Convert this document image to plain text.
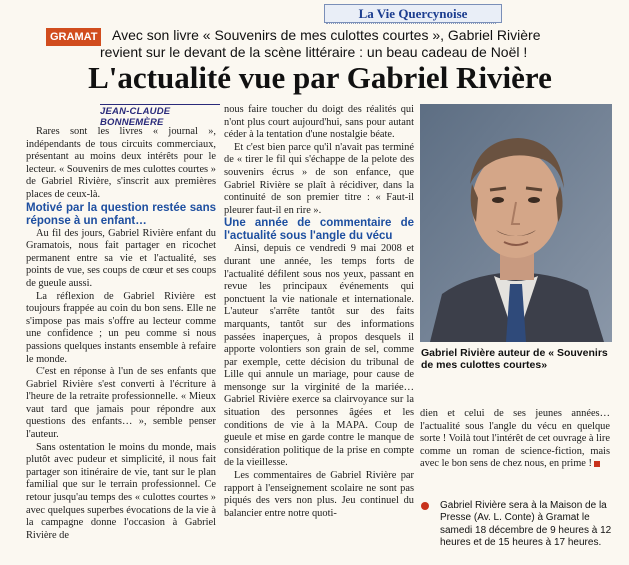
La Vie Quercynoise
GRAMAT Avec son livre « Souvenirs de mes culottes courtes », Gabriel Rivière
revient sur le devant de la scène littéraire : un beau cadeau de Noël !
L'actualité vue par Gabriel Rivière
JEAN-CLAUDE BONNEMÈRE

Rares sont les livres « journal », indépendants de tous circuits commerciaux, présentant au moins deux intérêts pour le lecteur. « Souvenirs de mes culottes courtes » de Gabriel Rivière, s'inscrit aux premières places de ceux-là.

Motivé par la question restée sans réponse à un enfant…

Au fil des jours, Gabriel Rivière enfant du Gramatois, nous fait partager en ricochet permanent entre sa vie et l'actualité, ses points de vue, ses coups de cœur et ses coups de gueule aussi.

La réflexion de Gabriel Rivière est toujours frappée au coin du bon sens. Elle ne s'impose pas mais s'offre au lecteur comme une confidence ; un peu comme si nous passions quelques instants ensemble à refaire le monde.

C'est en réponse à l'un de ses enfants que Gabriel Rivière s'est converti à l'écriture à l'heure de la retraite professionnelle. « Mieux vaut tard que jamais pour répondre aux questions des enfants… », semble penser l'auteur.

Sans ostentation le moins du monde, mais plutôt avec pudeur et simplicité, il nous fait partager son itinéraire de vie, tant sur le plan familial que sur le terrain professionnel. Ce retour jusqu'au temps des « culottes courtes » avec quelques superbes évocations de la vie à la campagne donne l'occasion à Gabriel Rivière de

nous faire toucher du doigt des réalités qui n'ont plus court aujourd'hui, sans pour autant céder à la tentation d'une nostalgie béate.

Et c'est bien parce qu'il n'avait pas terminé de « tirer le fil qui s'échappe de la pelote des souvenirs écrus » de son enfance, que Gabriel Rivière se plaît à récidiver, dans la continuité de son premier titre : « Faut-il pleurer faut-il en rire ».

Une année de commentaire de l'actualité sous l'angle du vécu

Ainsi, depuis ce vendredi 9 mai 2008 et durant une année, les temps forts de l'actualité défilent sous nos yeux, passant en revue les principaux événements qui ponctuent la vie nationale et internationale. L'auteur s'arrête tantôt sur des faits marquants, tantôt sur des informations passées inaperçues, à propos desquels il apporte volontiers son grain de sel, comme par exemple, cette décision du tribunal de Lille qui annule un mariage, pour cause de mensonge sur la virginité de la mariée… Gabriel Rivière exerce sa clairvoyance sur la situation des personnes âgées et les conditions de vie à la MAPA. Coup de gueule et mise en garde contre le manque de considération politique de la prise en compte de la vieillesse.

Les commentaires de Gabriel Rivière par rapport à l'enseignement scolaire ne sont pas piqués des vers non plus. Jeu continuel du balancier entre notre quoti-

Gabriel Rivière auteur de « Souvenirs de mes culottes courtes»

dien et celui de ses jeunes années… l'actualité sous l'angle du vécu en quelque sorte ! Voilà tout l'intérêt de cet ouvrage à lire comme un roman de science-fiction, mais avec le bon sens de chez nous, en prime !

Gabriel Rivière sera à la Maison de la Presse (Av. L. Conte) à Gramat le samedi 18 décembre de 9 heures à 12 heures et de 15 heures à 17 heures.
